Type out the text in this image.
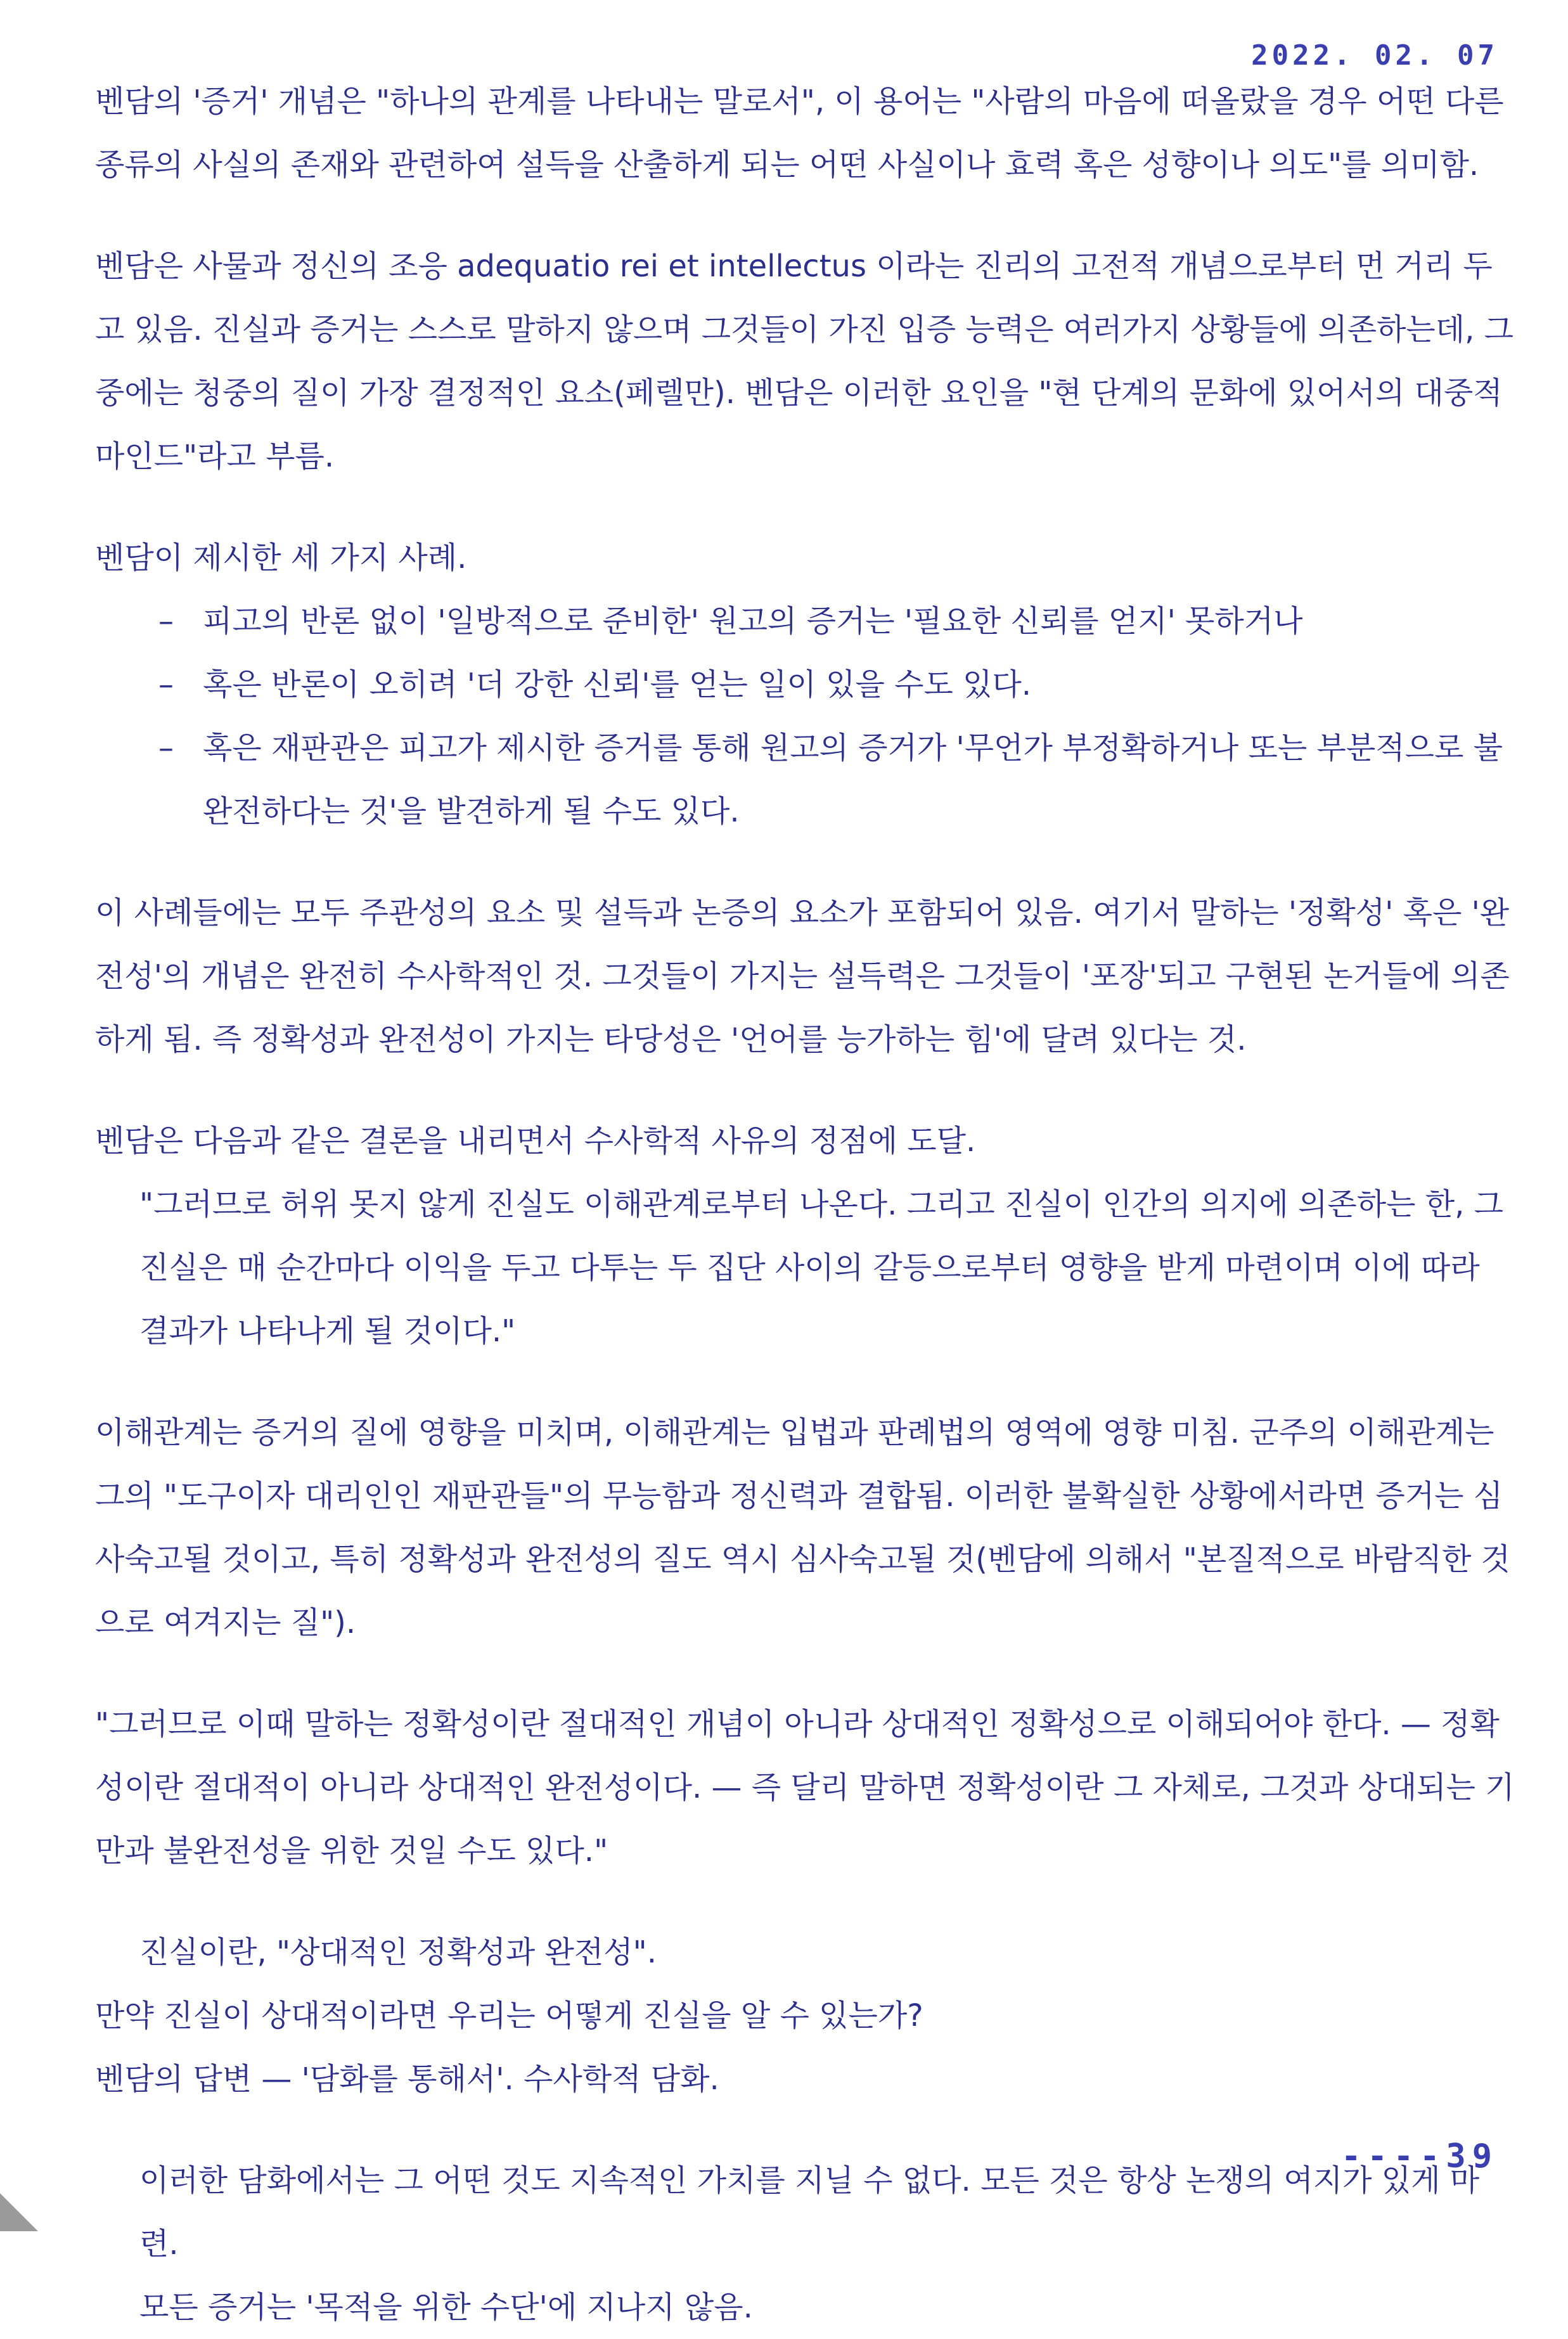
2022. 02. 07
벤담의 '증거' 개념은 "하나의 관계를 나타내는 말로서", 이 용어는 "사람의 마음에 떠올랐을 경우 어떤 다른 종류의 사실의 존재와 관련하여 설득을 산출하게 되는 어떤 사실이나 효력 혹은 성향이나 의도"를 의미함.
벤담은 사물과 정신의 조응 adequatio rei et intellectus 이라는 진리의 고전적 개념으로부터 먼 거리 두고 있음. 진실과 증거는 스스로 말하지 않으며 그것들이 가진 입증 능력은 여러가지 상황들에 의존하는데, 그중에는 청중의 질이 가장 결정적인 요소(페렐만). 벤담은 이러한 요인을 "현 단계의 문화에 있어서의 대중적 마인드"라고 부름.
벤담이 제시한 세 가지 사례.
– 피고의 반론 없이 '일방적으로 준비한' 원고의 증거는 '필요한 신뢰를 얻지' 못하거나
– 혹은 반론이 오히려 '더 강한 신뢰'를 얻는 일이 있을 수도 있다.
– 혹은 재판관은 피고가 제시한 증거를 통해 원고의 증거가 '무언가 부정확하거나 또는 부분적으로 불완전하다는 것'을 발견하게 될 수도 있다.
이 사례들에는 모두 주관성의 요소 및 설득과 논증의 요소가 포함되어 있음. 여기서 말하는 '정확성' 혹은 '완전성'의 개념은 완전히 수사학적인 것. 그것들이 가지는 설득력은 그것들이 '포장'되고 구현된 논거들에 의존하게 됨. 즉 정확성과 완전성이 가지는 타당성은 '언어를 능가하는 힘'에 달려 있다는 것.
벤담은 다음과 같은 결론을 내리면서 수사학적 사유의 정점에 도달.
"그러므로 허위 못지 않게 진실도 이해관계로부터 나온다. 그리고 진실이 인간의 의지에 의존하는 한, 그 진실은 매 순간마다 이익을 두고 다투는 두 집단 사이의 갈등으로부터 영향을 받게 마련이며 이에 따라 결과가 나타나게 될 것이다."
이해관계는 증거의 질에 영향을 미치며, 이해관계는 입법과 판례법의 영역에 영향 미침. 군주의 이해관계는 그의 "도구이자 대리인인 재판관들"의 무능함과 정신력과 결합됨. 이러한 불확실한 상황에서라면 증거는 심사숙고될 것이고, 특히 정확성과 완전성의 질도 역시 심사숙고될 것(벤담에 의해서 "본질적으로 바람직한 것으로 여겨지는 질").
"그러므로 이때 말하는 정확성이란 절대적인 개념이 아니라 상대적인 정확성으로 이해되어야 한다. — 정확성이란 절대적이 아니라 상대적인 완전성이다. — 즉 달리 말하면 정확성이란 그 자체로, 그것과 상대되는 기만과 불완전성을 위한 것일 수도 있다."
진실이란, "상대적인 정확성과 완전성".
만약 진실이 상대적이라면 우리는 어떻게 진실을 알 수 있는가?
벤담의 답변 — '담화를 통해서'. 수사학적 담화.
이러한 담화에서는 그 어떤 것도 지속적인 가치를 지닐 수 없다. 모든 것은 항상 논쟁의 여지가 있게 마련.
모든 증거는 '목적을 위한 수단'에 지나지 않음.
----39
